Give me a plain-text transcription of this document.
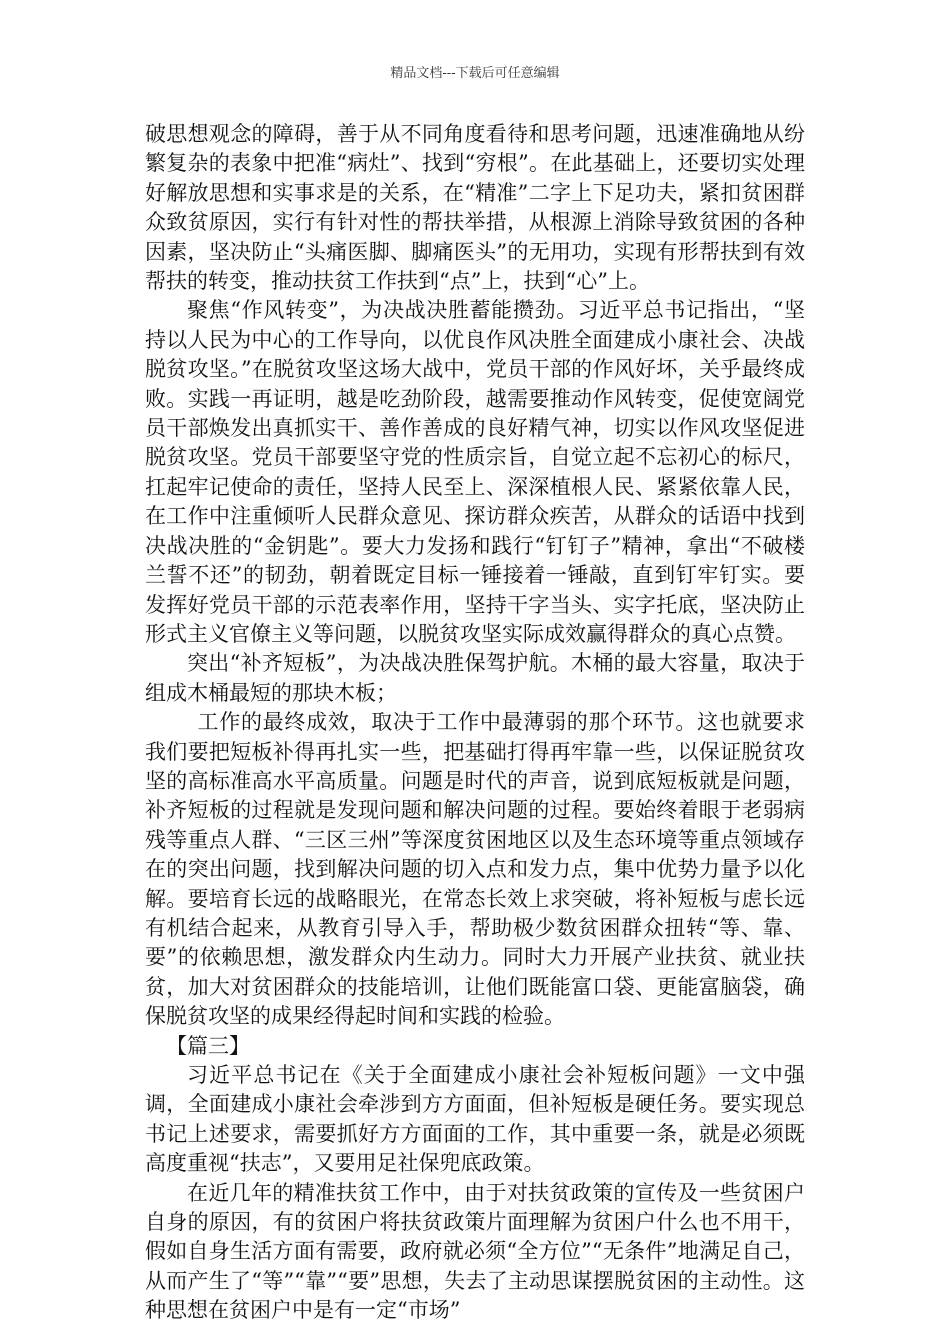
精品文档---下载后可任意编辑

破思想观念的障碍，善于从不同角度看待和思考问题，迅速准确地从纷繁复杂的表象中把准“病灶”、找到“穷根”。在此基础上，还要切实处理好解放思想和实事求是的关系，在“精准”二字上下足功夫，紧扣贫困群众致贫原因，实行有针对性的帮扶举措，从根源上消除导致贫困的各种因素，坚决防止“头痛医脚、脚痛医头”的无用功，实现有形帮扶到有效帮扶的转变，推动扶贫工作扶到“点”上，扶到“心”上。

聚焦“作风转变”，为决战决胜蓄能攒劲。习近平总书记指出，“坚持以人民为中心的工作导向，以优良作风决胜全面建成小康社会、决战脱贫攻坚。”在脱贫攻坚这场大战中，党员干部的作风好坏，关乎最终成败。实践一再证明，越是吃劲阶段，越需要推动作风转变，促使宽阔党员干部焕发出真抓实干、善作善成的良好精气神，切实以作风攻坚促进脱贫攻坚。党员干部要坚守党的性质宗旨，自觉立起不忘初心的标尺，扛起牢记使命的责任，坚持人民至上、深深植根人民、紧紧依靠人民，在工作中注重倾听人民群众意见、探访群众疾苦，从群众的话语中找到决战决胜的“金钥匙”。要大力发扬和践行“钉钉子”精神，拿出“不破楼兰誓不还”的韧劲，朝着既定目标一锤接着一锤敲，直到钉牢钉实。要发挥好党员干部的示范表率作用，坚持干字当头、实字托底，坚决防止形式主义官僚主义等问题，以脱贫攻坚实际成效赢得群众的真心点赞。

突出“补齐短板”，为决战决胜保驾护航。木桶的最大容量，取决于组成木桶最短的那块木板；

工作的最终成效，取决于工作中最薄弱的那个环节。这也就要求我们要把短板补得再扎实一些，把基础打得再牢靠一些，以保证脱贫攻坚的高标准高水平高质量。问题是时代的声音，说到底短板就是问题，补齐短板的过程就是发现问题和解决问题的过程。要始终着眼于老弱病残等重点人群、“三区三州”等深度贫困地区以及生态环境等重点领域存在的突出问题，找到解决问题的切入点和发力点，集中优势力量予以化解。要培育长远的战略眼光，在常态长效上求突破，将补短板与虑长远有机结合起来，从教育引导入手，帮助极少数贫困群众扭转“等、靠、要”的依赖思想，激发群众内生动力。同时大力开展产业扶贫、就业扶贫，加大对贫困群众的技能培训，让他们既能富口袋、更能富脑袋，确保脱贫攻坚的成果经得起时间和实践的检验。

【篇三】

习近平总书记在《关于全面建成小康社会补短板问题》一文中强调，全面建成小康社会牵涉到方方面面，但补短板是硬任务。要实现总书记上述要求，需要抓好方方面面的工作，其中重要一条，就是必须既高度重视“扶志”，又要用足社保兜底政策。

在近几年的精准扶贫工作中，由于对扶贫政策的宣传及一些贫困户自身的原因，有的贫困户将扶贫政策片面理解为贫困户什么也不用干，假如自身生活方面有需要，政府就必须“全方位”“无条件”地满足自己，从而产生了“等”“靠”“要”思想，失去了主动思谋摆脱贫困的主动性。这种思想在贫困户中是有一定“市场”
